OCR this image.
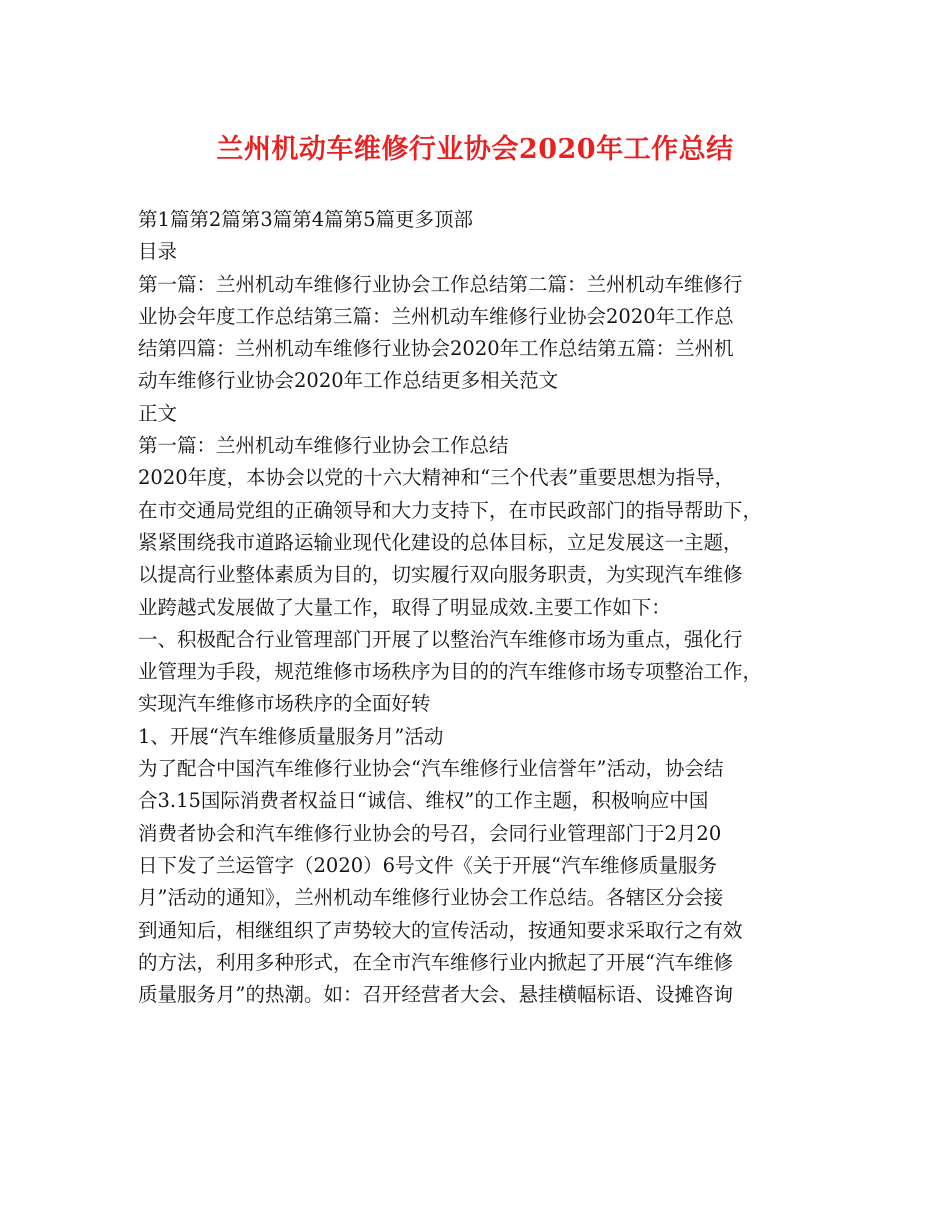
兰州机动车维修行业协会2020年工作总结
第1篇第2篇第3篇第4篇第5篇更多顶部
目录
第一篇：兰州机动车维修行业协会工作总结第二篇：兰州机动车维修行
业协会年度工作总结第三篇：兰州机动车维修行业协会2020年工作总
结第四篇：兰州机动车维修行业协会2020年工作总结第五篇：兰州机
动车维修行业协会2020年工作总结更多相关范文
正文
第一篇：兰州机动车维修行业协会工作总结
2020年度，本协会以党的十六大精神和“三个代表”重要思想为指导，
在市交通局党组的正确领导和大力支持下，在市民政部门的指导帮助下，
紧紧围绕我市道路运输业现代化建设的总体目标，立足发展这一主题，
以提高行业整体素质为目的，切实履行双向服务职责，为实现汽车维修
业跨越式发展做了大量工作，取得了明显成效.主要工作如下：
一、积极配合行业管理部门开展了以整治汽车维修市场为重点，强化行
业管理为手段，规范维修市场秩序为目的的汽车维修市场专项整治工作，
实现汽车维修市场秩序的全面好转
1、开展“汽车维修质量服务月”活动
为了配合中国汽车维修行业协会“汽车维修行业信誉年”活动，协会结
合3.15国际消费者权益日“诚信、维权”的工作主题，积极响应中国
消费者协会和汽车维修行业协会的号召，会同行业管理部门于2月20
日下发了兰运管字（2020）6号文件《关于开展“汽车维修质量服务
月”活动的通知》，兰州机动车维修行业协会工作总结。各辖区分会接
到通知后，相继组织了声势较大的宣传活动，按通知要求采取行之有效
的方法，利用多种形式，在全市汽车维修行业内掀起了开展“汽车维修
质量服务月”的热潮。如：召开经营者大会、悬挂横幅标语、设摊咨询
